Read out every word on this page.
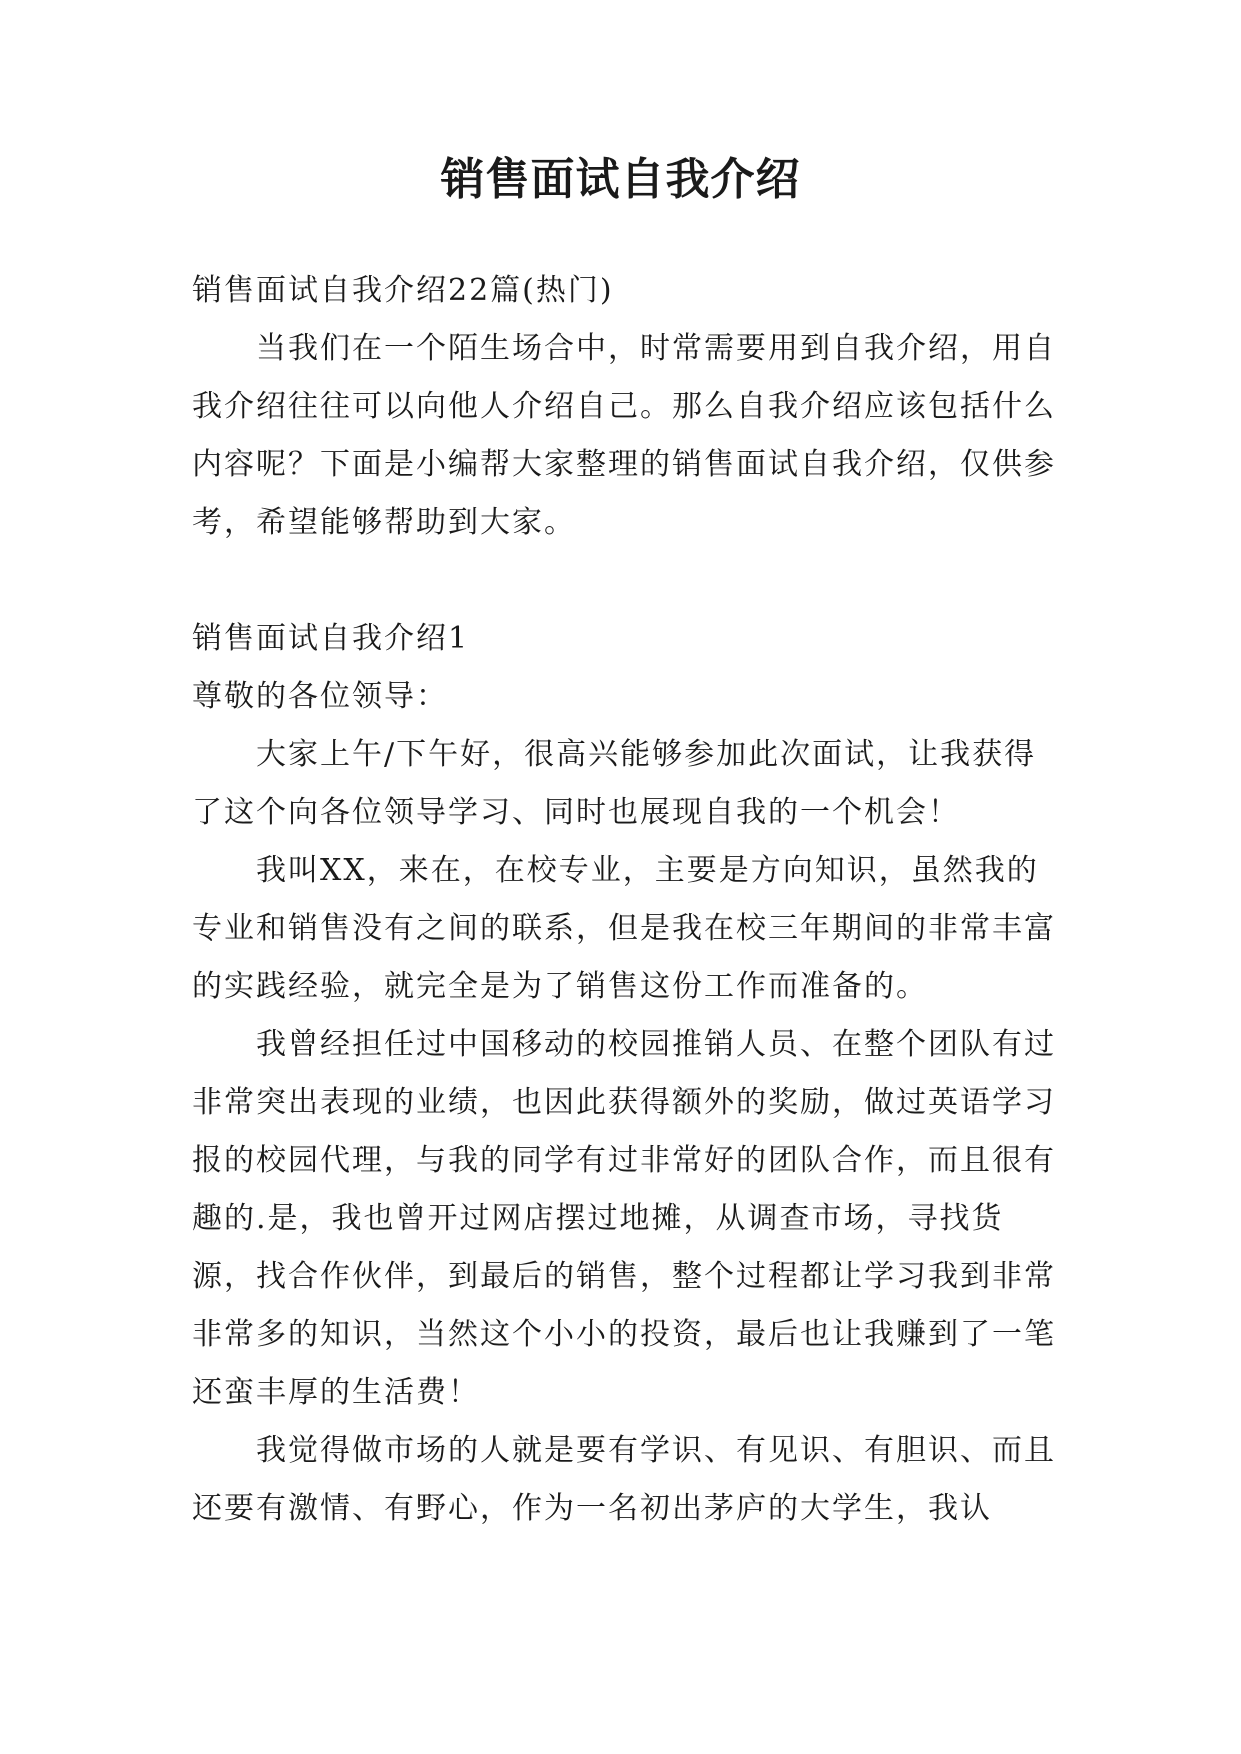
销售面试自我介绍

销售面试自我介绍22篇(热门)

当我们在一个陌生场合中，时常需要用到自我介绍，用自我介绍往往可以向他人介绍自己。那么自我介绍应该包括什么内容呢？下面是小编帮大家整理的销售面试自我介绍，仅供参考，希望能够帮助到大家。

销售面试自我介绍1

尊敬的各位领导：

大家上午/下午好，很高兴能够参加此次面试，让我获得了这个向各位领导学习、同时也展现自我的一个机会！

我叫XX，来在，在校专业，主要是方向知识，虽然我的专业和销售没有之间的联系，但是我在校三年期间的非常丰富的实践经验，就完全是为了销售这份工作而准备的。

我曾经担任过中国移动的校园推销人员、在整个团队有过非常突出表现的业绩，也因此获得额外的奖励，做过英语学习报的校园代理，与我的同学有过非常好的团队合作，而且很有趣的.是，我也曾开过网店摆过地摊，从调查市场，寻找货源，找合作伙伴，到最后的销售，整个过程都让学习我到非常非常多的知识，当然这个小小的投资，最后也让我赚到了一笔还蛮丰厚的生活费！

我觉得做市场的人就是要有学识、有见识、有胆识、而且还要有激情、有野心，作为一名初出茅庐的大学生，我认
